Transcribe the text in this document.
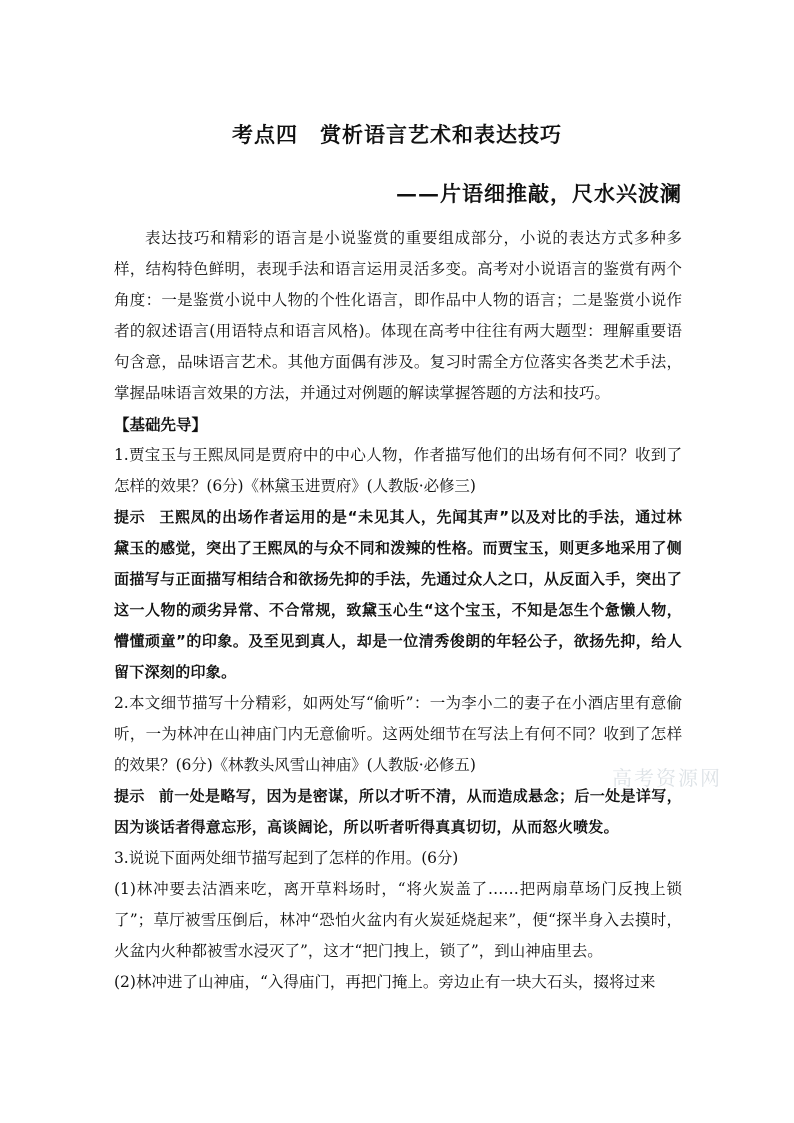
考点四　赏析语言艺术和表达技巧
——片语细推敲，尺水兴波澜

表达技巧和精彩的语言是小说鉴赏的重要组成部分，小说的表达方式多种多样，结构特色鲜明，表现手法和语言运用灵活多变。高考对小说语言的鉴赏有两个角度：一是鉴赏小说中人物的个性化语言，即作品中人物的语言；二是鉴赏小说作者的叙述语言(用语特点和语言风格)。体现在高考中往往有两大题型：理解重要语句含意，品味语言艺术。其他方面偶有涉及。复习时需全方位落实各类艺术手法，掌握品味语言效果的方法，并通过对例题的解读掌握答题的方法和技巧。

【基础先导】

1.贾宝玉与王熙凤同是贾府中的中心人物，作者描写他们的出场有何不同？收到了怎样的效果？(6分)《林黛玉进贾府》(人教版·必修三)

提示 王熙凤的出场作者运用的是“未见其人，先闻其声”以及对比的手法，通过林黛玉的感觉，突出了王熙凤的与众不同和泼辣的性格。而贾宝玉，则更多地采用了侧面描写与正面描写相结合和欲扬先抑的手法，先通过众人之口，从反面入手，突出了这一人物的顽劣异常、不合常规，致黛玉心生“这个宝玉，不知是怎生个惫懒人物，懵懂顽童”的印象。及至见到真人，却是一位清秀俊朗的年轻公子，欲扬先抑，给人留下深刻的印象。

2.本文细节描写十分精彩，如两处写“偷听”：一为李小二的妻子在小酒店里有意偷听，一为林冲在山神庙门内无意偷听。这两处细节在写法上有何不同？收到了怎样的效果？(6分)《林教头风雪山神庙》(人教版·必修五)

提示 前一处是略写，因为是密谋，所以才听不清，从而造成悬念；后一处是详写，因为谈话者得意忘形，高谈阔论，所以听者听得真真切切，从而怒火喷发。

3.说说下面两处细节描写起到了怎样的作用。(6分)

(1)林冲要去沽酒来吃，离开草料场时，“将火炭盖了……把两扇草场门反拽上锁了”；草厅被雪压倒后，林冲“恐怕火盆内有火炭延烧起来”，便“探半身入去摸时，火盆内火种都被雪水浸灭了”，这才“把门拽上，锁了”，到山神庙里去。

(2)林冲进了山神庙，“入得庙门，再把门掩上。旁边止有一块大石头，掇将过来

高考资源网
